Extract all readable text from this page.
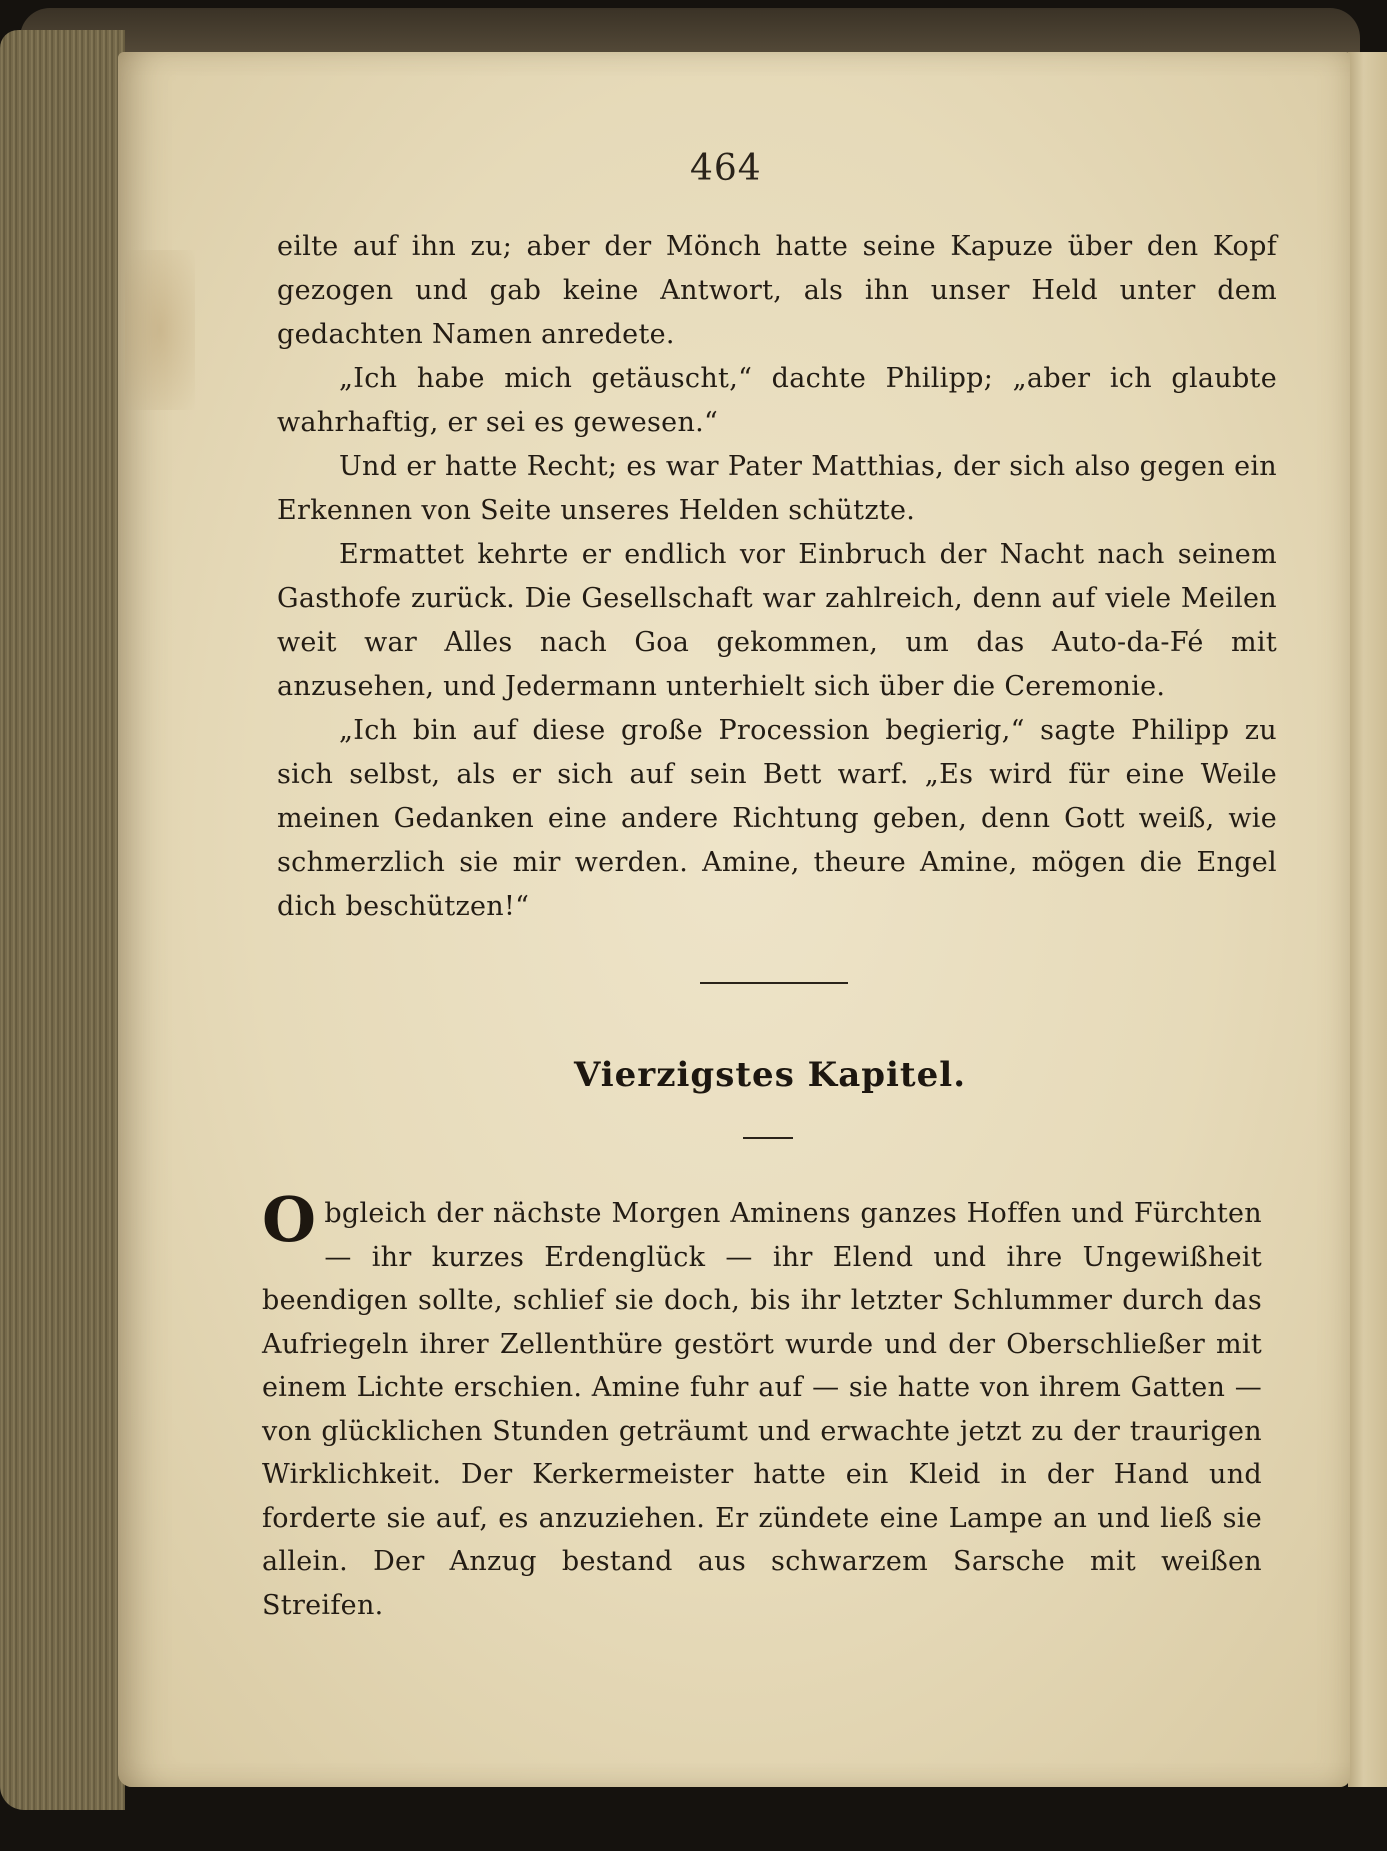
464

eilte auf ihn zu; aber der Mönch hatte seine Kapuze über den Kopf gezogen und gab keine Antwort, als ihn unser Held unter dem gedachten Namen anredete.

„Ich habe mich getäuscht,“ dachte Philipp; „aber ich glaubte wahrhaftig, er sei es gewesen.“

Und er hatte Recht; es war Pater Matthias, der sich also gegen ein Erkennen von Seite unseres Helden schützte.

Ermattet kehrte er endlich vor Einbruch der Nacht nach seinem Gasthofe zurück. Die Gesellschaft war zahlreich, denn auf viele Meilen weit war Alles nach Goa gekommen, um das Auto-da-Fé mit anzusehen, und Jedermann unterhielt sich über die Ceremonie.

„Ich bin auf diese große Procession begierig,“ sagte Philipp zu sich selbst, als er sich auf sein Bett warf. „Es wird für eine Weile meinen Gedanken eine andere Richtung geben, denn Gott weiß, wie schmerzlich sie mir werden. Amine, theure Amine, mögen die Engel dich beschützen!“

Vierzigstes Kapitel.

Obgleich der nächste Morgen Aminens ganzes Hoffen und Fürchten — ihr kurzes Erdenglück — ihr Elend und ihre Ungewißheit beendigen sollte, schlief sie doch, bis ihr letzter Schlummer durch das Aufriegeln ihrer Zellenthüre gestört wurde und der Oberschließer mit einem Lichte erschien. Amine fuhr auf — sie hatte von ihrem Gatten — von glücklichen Stunden geträumt und erwachte jetzt zu der traurigen Wirklichkeit. Der Kerkermeister hatte ein Kleid in der Hand und forderte sie auf, es anzuziehen. Er zündete eine Lampe an und ließ sie allein. Der Anzug bestand aus schwarzem Sarsche mit weißen Streifen.
